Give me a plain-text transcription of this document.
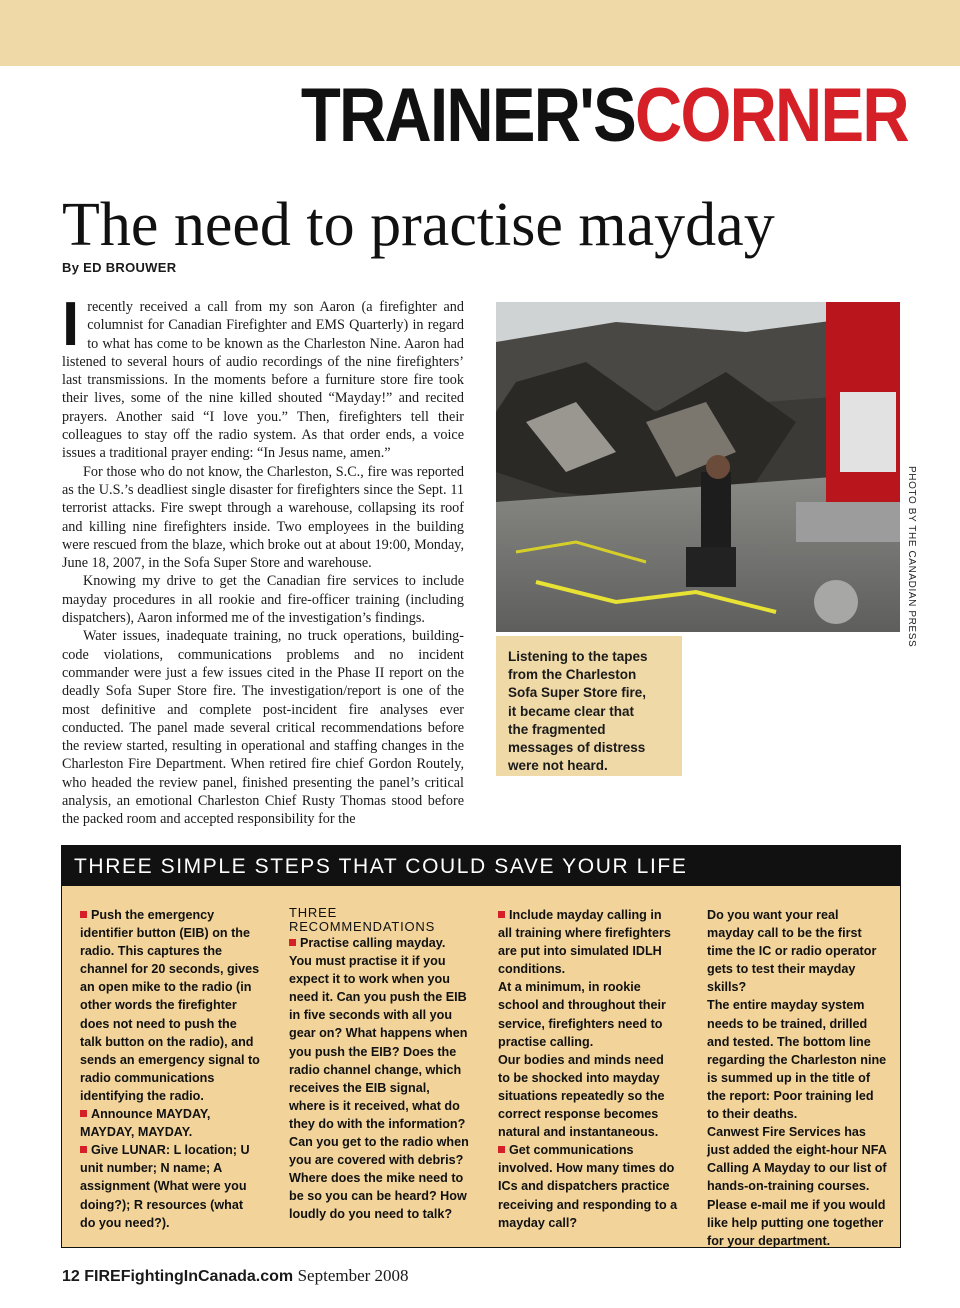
TRAINER'SCORNER
The need to practise mayday
By ED BROUWER

Irecently received a call from my son Aaron (a firefighter and columnist for Canadian Firefighter and EMS Quarterly) in regard to what has come to be known as the Charleston Nine. Aaron had listened to several hours of audio recordings of the nine firefighters’ last transmissions. In the moments before a furniture store fire took their lives, some of the nine killed shouted “Mayday!” and recited prayers. Another said “I love you.” Then, firefighters tell their colleagues to stay off the radio system. As that order ends, a voice issues a traditional prayer ending: “In Jesus name, amen.”

For those who do not know, the Charleston, S.C., fire was reported as the U.S.’s deadliest single disaster for firefighters since the Sept. 11 terrorist attacks. Fire swept through a warehouse, collapsing its roof and killing nine firefighters inside. Two employees in the building were rescued from the blaze, which broke out at about 19:00, Monday, June 18, 2007, in the Sofa Super Store and warehouse.

Knowing my drive to get the Canadian fire services to include mayday procedures in all rookie and fire-officer training (including dispatchers), Aaron informed me of the investigation’s findings.

Water issues, inadequate training, no truck operations, building-code violations, communications problems and no incident commander were just a few issues cited in the Phase II report on the deadly Sofa Super Store fire. The investigation/report is one of the most definitive and complete post-incident fire analyses ever conducted. The panel made several critical recommendations before the review started, resulting in operational and staffing changes in the Charleston Fire Department. When retired fire chief Gordon Routely, who headed the review panel, finished presenting the panel’s critical analysis, an emotional Charleston Chief Rusty Thomas stood before the packed room and accepted responsibility for the

PHOTO BY THE CANADIAN PRESS
Listening to the tapes from the Charleston Sofa Super Store fire, it became clear that the fragmented messages of distress were not heard.
THREE SIMPLE STEPS THAT COULD SAVE YOUR LIFE

Push the emergency identifier button (EIB) on the radio. This captures the channel for 20 seconds, gives an open mike to the radio (in other words the firefighter does not need to push the talk button on the radio), and sends an emergency signal to radio communications identifying the radio.

Announce MAYDAY, MAYDAY, MAYDAY.

Give LUNAR: L location; U unit number; N name; A assignment (What were you doing?); R resources (what do you need?).

THREE RECOMMENDATIONS

Practise calling mayday. You must practise it if you expect it to work when you need it. Can you push the EIB in five seconds with all you gear on? What happens when you push the EIB? Does the radio channel change, which receives the EIB signal, where is it received, what do they do with the information? Can you get to the radio when you are covered with debris? Where does the mike need to be so you can be heard? How loudly do you need to talk?

Include mayday calling in all training where firefighters are put into simulated IDLH conditions.

At a minimum, in rookie school and throughout their service, firefighters need to practise calling.

Our bodies and minds need to be shocked into mayday situations repeatedly so the correct response becomes natural and instantaneous.

Get communications involved. How many times do ICs and dispatchers practice receiving and responding to a mayday call?

Do you want your real mayday call to be the first time the IC or radio operator gets to test their mayday skills?

The entire mayday system needs to be trained, drilled and tested. The bottom line regarding the Charleston nine is summed up in the title of the report: Poor training led to their deaths.

Canwest Fire Services has just added the eight-hour NFA Calling A Mayday to our list of hands-on-training courses. Please e-mail me if you would like help putting one together for your department.

12 FIREFightingInCanada.com September 2008
